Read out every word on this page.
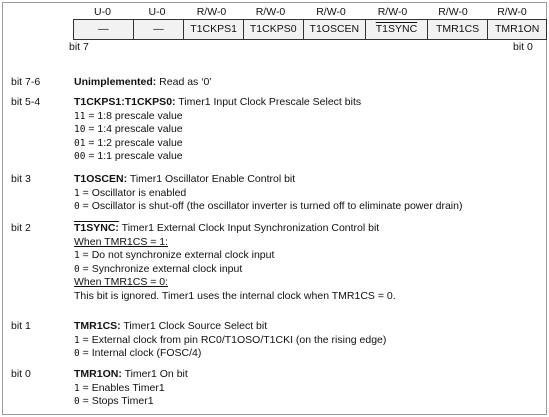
U-0	U-0	R/W-0	R/W-0	R/W-0	R/W-0	R/W-0	R/W-0
—	—	T1CKPS1	T1CKPS0	T1OSCEN	T1SYNC	TMR1CS	TMR1ON
bit 7	bit 0
bit 7-6	Unimplemented: Read as ‘0’

bit 5-4	T1CKPS1:T1CKPS0: Timer1 Input Clock Prescale Select bits

11 = 1:8 prescale value

10 = 1:4 prescale value

01 = 1:2 prescale value

00 = 1:1 prescale value

bit 3	T1OSCEN: Timer1 Oscillator Enable Control bit

1 = Oscillator is enabled

0 = Oscillator is shut-off (the oscillator inverter is turned off to eliminate power drain)

bit 2	T1SYNC: Timer1 External Clock Input Synchronization Control bit

When TMR1CS = 1:

1 = Do not synchronize external clock input

0 = Synchronize external clock input

When TMR1CS = 0:

This bit is ignored. Timer1 uses the internal clock when TMR1CS = 0.

bit 1	TMR1CS: Timer1 Clock Source Select bit

1 = External clock from pin RC0/T1OSO/T1CKI (on the rising edge)

0 = Internal clock (FOSC/4)

bit 0	TMR1ON: Timer1 On bit

1 = Enables Timer1

0 = Stops Timer1
